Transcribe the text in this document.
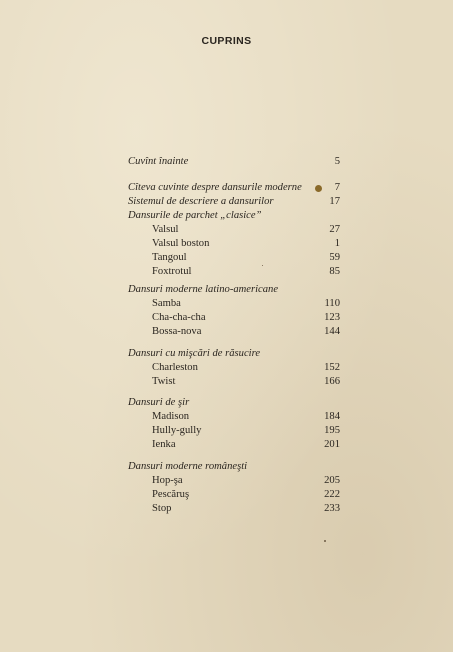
CUPRINS
Cuvînt înainte	5
Cîteva cuvinte despre dansurile moderne	7
Sistemul de descriere a dansurilor	17
Dansurile de parchet „clasice”
Valsul	27
Valsul boston	1
Tangoul	59
Foxtrotul	85
Dansuri moderne latino-americane
Samba	110
Cha-cha-cha	123
Bossa-nova	144
Dansuri cu mişcări de răsucire
Charleston	152
Twist	166
Dansuri de şir
Madison	184
Hully-gully	195
Ienka	201
Dansuri moderne româneşti
Hop-şa	205
Pescăruş	222
Stop	233
